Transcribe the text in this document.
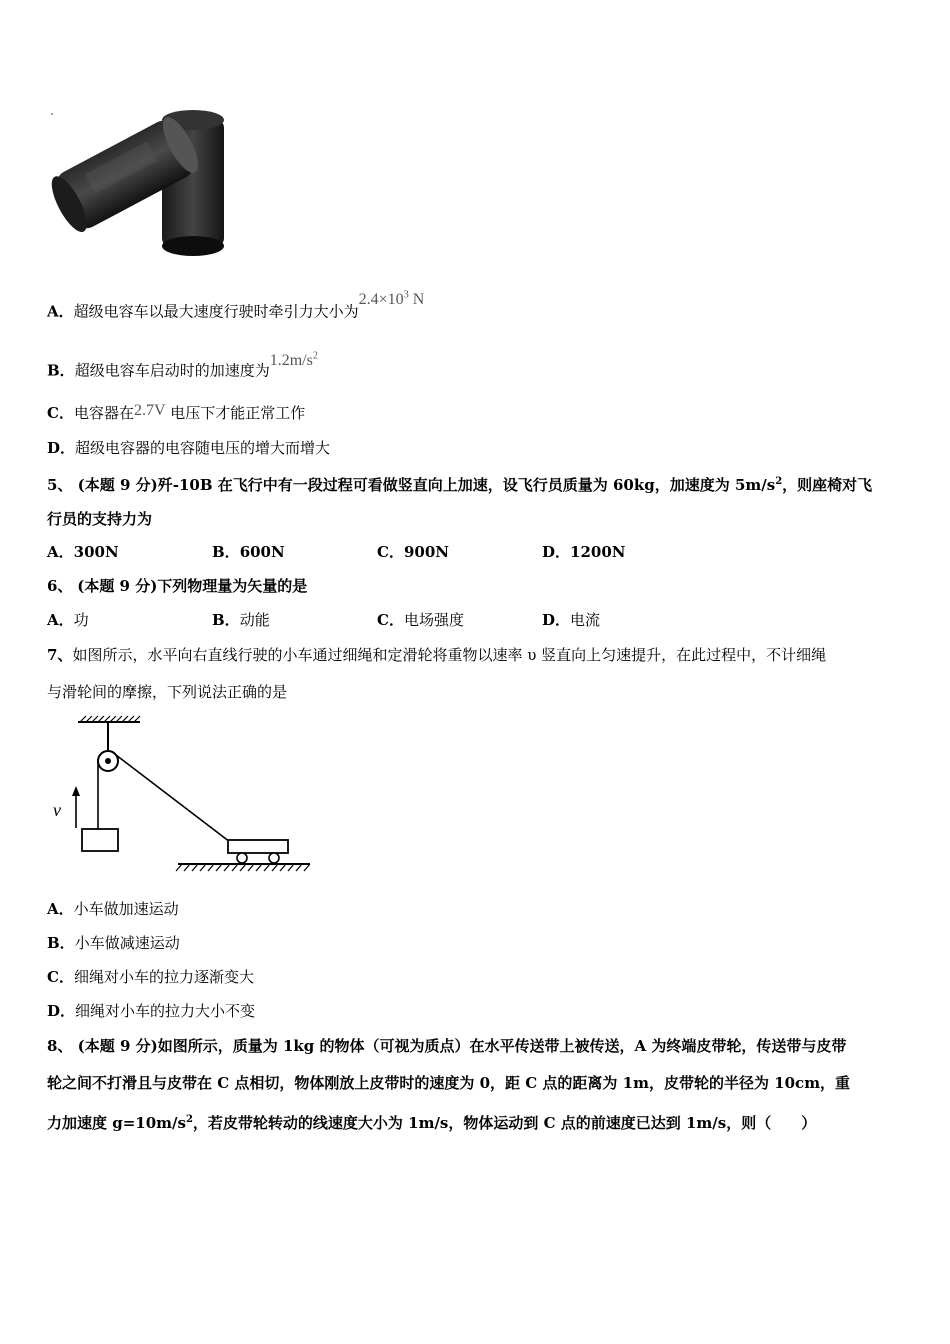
A．超级电容车以最大速度行驶时牵引力大小为$2.4\times 10^3$ N
B．超级电容车启动时的加速度为$1.2m/s^2$
C．电容器在2.7V 电压下才能正常工作
D．超级电容器的电容随电压的增大而增大
5、 (本题 9 分)歼-10B 在飞行中有一段过程可看做竖直向上加速，设飞行员质量为 60kg，加速度为 $5m/s^2$，则座椅对飞
行员的支持力为
A．300N	B．600N	C．900N	D．1200N
6、 (本题 9 分)下列物理量为矢量的是
A．功	B．动能	C．电场强度	D．电流
7、如图所示，水平向右直线行驶的小车通过细绳和定滑轮将重物以速率 υ 竖直向上匀速提升，在此过程中，不计细绳
与滑轮间的摩擦，下列说法正确的是
v
A．小车做加速运动
B．小车做减速运动
C．细绳对小车的拉力逐渐变大
D．细绳对小车的拉力大小不变
8、 (本题 9 分)如图所示，质量为 1kg 的物体（可视为质点）在水平传送带上被传送，A 为终端皮带轮，传送带与皮带
轮之间不打滑且与皮带在 C 点相切，物体刚放上皮带时的速度为 0，距 C 点的距离为 1m，皮带轮的半径为 10cm，重
力加速度 $g=10m/s^2$，若皮带轮转动的线速度大小为 1m/s，物体运动到 C 点的前速度已达到 1m/s，则（　　）
